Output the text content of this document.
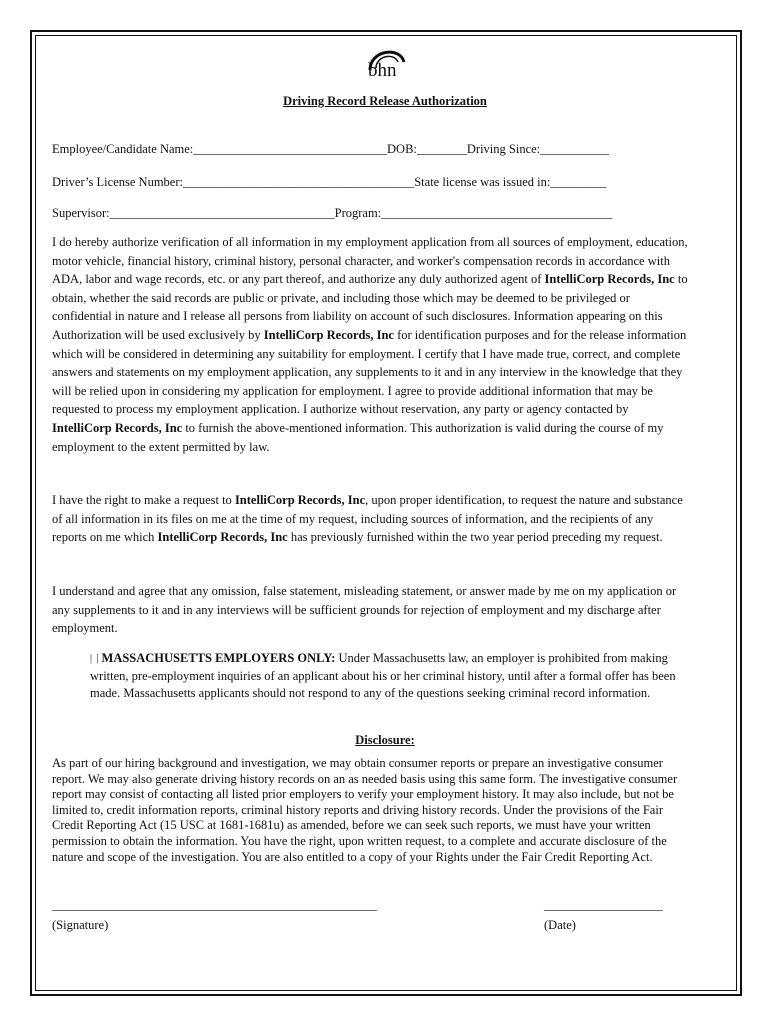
bhn
Driving Record Release Authorization
Employee/Candidate Name:_______________________________DOB:________Driving Since:___________
Driver’s License Number:_____________________________________State license was issued in:_________
Supervisor:____________________________________Program:_____________________________________

I do hereby authorize verification of all information in my employment application from all sources of employment, education, motor vehicle, financial history, criminal history, personal character, and worker's compensation records in accordance with ADA, labor and wage records, etc. or any part thereof, and authorize any duly authorized agent of IntelliCorp Records, Inc to obtain, whether the said records are public or private, and including those which may be deemed to be privileged or confidential in nature and I release all persons from liability on account of such disclosures. Information appearing on this Authorization will be used exclusively by IntelliCorp Records, Inc for identification purposes and for the release information which will be considered in determining any suitability for employment. I certify that I have made true, correct, and complete answers and statements on my employment application, any supplements to it and in any interview in the knowledge that they will be relied upon in considering my application for employment. I agree to provide additional information that may be requested to process my employment application. I authorize without reservation, any party or agency contacted by IntelliCorp Records, Inc to furnish the above-mentioned information. This authorization is valid during the course of my employment to the extent permitted by law.

I have the right to make a request to IntelliCorp Records, Inc, upon proper identification, to request the nature and substance of all information in its files on me at the time of my request, including sources of information, and the recipients of any reports on me which IntelliCorp Records, Inc has previously furnished within the two year period preceding my request.

I understand and agree that any omission, false statement, misleading statement, or answer made by me on my application or any supplements to it and in any interviews will be sufficient grounds for rejection of employment and my discharge after employment.

| | MASSACHUSETTS EMPLOYERS ONLY: Under Massachusetts law, an employer is prohibited from making written, pre-employment inquiries of an applicant about his or her criminal history, until after a formal offer has been made. Massachusetts applicants should not respond to any of the questions seeking criminal record information.
Disclosure:
As part of our hiring background and investigation, we may obtain consumer reports or prepare an investigative consumer report. We may also generate driving history records on an as needed basis using this same form. The investigative consumer report may consist of contacting all listed prior employers to verify your employment history. It may also include, but not be limited to, credit information reports, criminal history reports and driving history records. Under the provisions of the Fair Credit Reporting Act (15 USC at 1681-1681u) as amended, before we can seek such reports, we must have your written permission to obtain the information. You have the right, upon written request, to a complete and accurate disclosure of the nature and scope of the investigation. You are also entitled to a copy of your Rights under the Fair Credit Reporting Act.
____________________________________________________
(Signature)
___________________
(Date)
